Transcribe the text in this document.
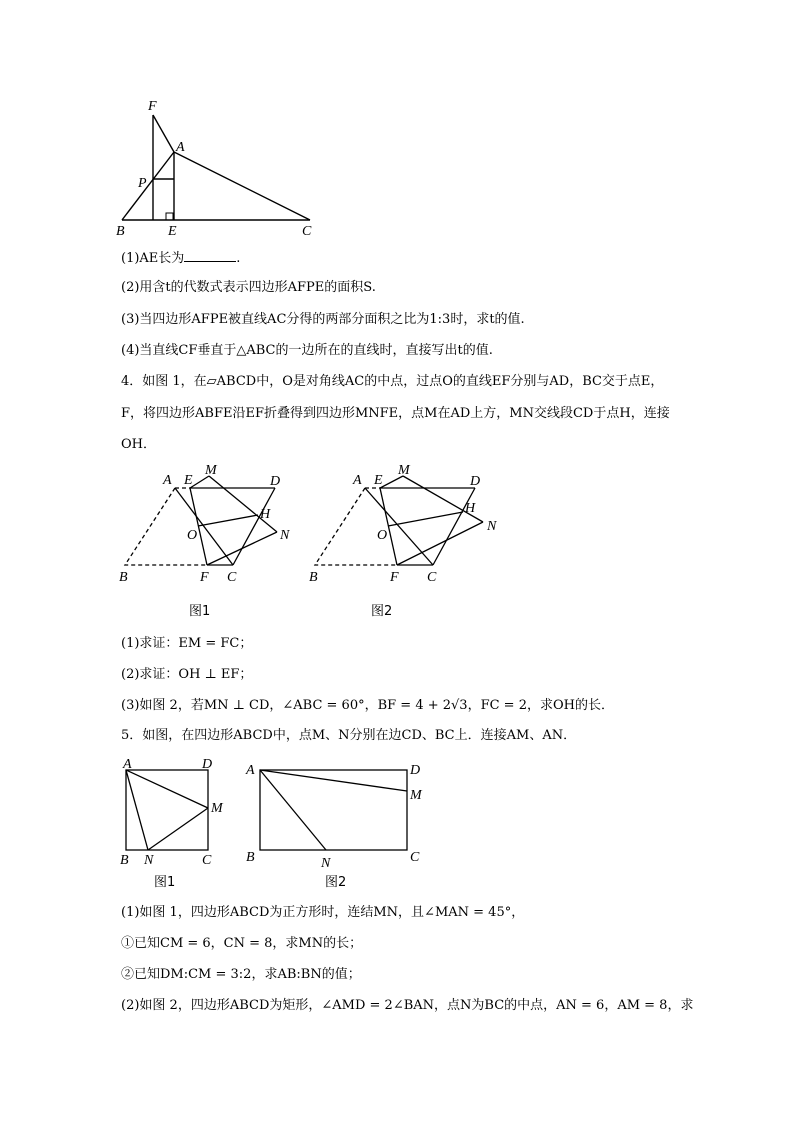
F
A
P
B	E	C
(1)AE长为	.
(2)用含t的代数式表示四边形AFPE的面积S.
(3)当四边形AFPE被直线AC分得的两部分面积之比为1:3时，求t的值.
(4)当直线CF垂直于△ABC的一边所在的直线时，直接写出t的值.
4．如图 1，在▱ABCD中，O是对角线AC的中点，过点O的直线EF分别与AD，BC交于点E，
F，将四边形ABFE沿EF折叠得到四边形MNFE，点M在AD上方，MN交线段CD于点H，连接
OH．
A E
M
D
H
N
O
B	F C
图1
A E
M
D
H
N
O
B	F C
图2
(1)求证：EM = FC；
(2)求证：OH ⊥ EF；
(3)如图 2，若MN ⊥ CD，∠ABC = 60°，BF = 4 + 2√3，FC = 2，求OH的长．
5．如图，在四边形ABCD中，点M、N分别在边CD、BC上．连接AM、AN．
A	D
M
B N	C
图1
A	D
M
B	N	C
图2
(1)如图 1，四边形ABCD为正方形时，连结MN，且∠MAN = 45°，
①已知CM = 6，CN = 8，求MN的长；
②已知DM:CM = 3:2，求AB:BN的值；
(2)如图 2，四边形ABCD为矩形，∠AMD = 2∠BAN，点N为BC的中点，AN = 6，AM = 8，求
